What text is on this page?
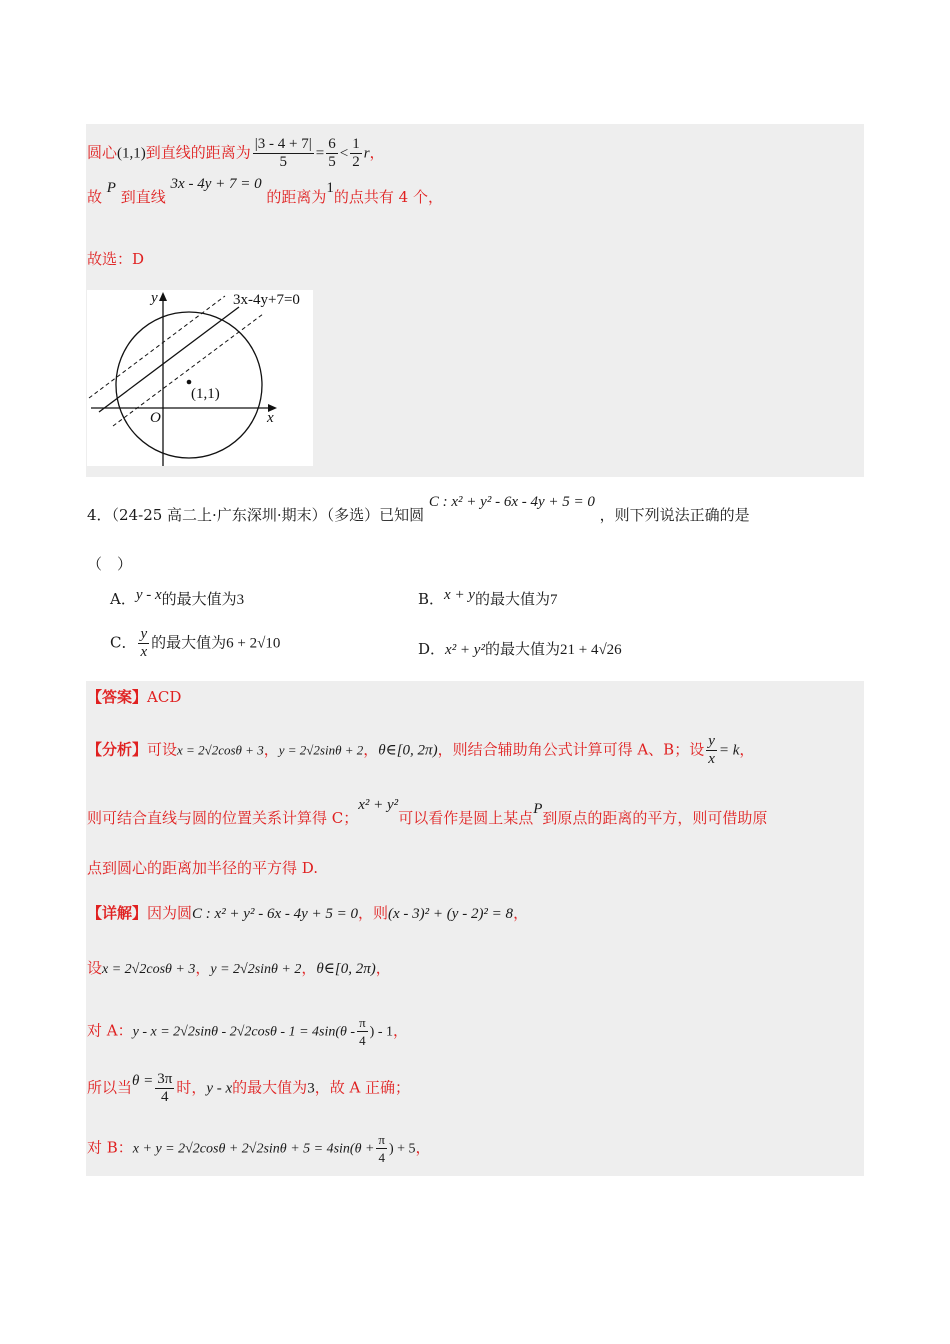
圆心(1,1)到直线的距离为 $\frac{|3 - 4 + 7|}{5} = \frac{6}{5} < \frac{1}{2}$ r，
故 P 到直线 3x - 4y + 7 = 0 的距离为1的点共有 4 个，
故选：D
y
x
O
3x-4y+7=0
(1,1)
4．（24-25 高二上·广东深圳·期末）（多选）已知圆 C : x² + y² - 6x - 4y + 5 = 0 ，则下列说法正确的是
（　）
A．y - x的最大值为3	B．x + y的最大值为7
C． $\frac{y}{x}$ 的最大值为6 + 2√10	D．x² + y²的最大值为21 + 4√26
【答案】ACD
【分析】可设x = 2√2cosθ + 3，y = 2√2sinθ + 2，θ∈[0, 2π)，则结合辅助角公式计算可得 A、B；设 $\frac{y}{x} = k$，
则可结合直线与圆的位置关系计算得 C；x² + y²可以看作是圆上某点P到原点的距离的平方，则可借助原
点到圆心的距离加半径的平方得 D.
【详解】因为圆C : x² + y² - 6x - 4y + 5 = 0，则(x - 3)² + (y - 2)² = 8，
设x = 2√2cosθ + 3，y = 2√2sinθ + 2，θ∈[0, 2π)，
对 A：$y - x = 2√2\sin\theta - 2√2\cos\theta - 1 = 4\sin(\theta - \frac{\pi}{4}$ ) - 1，
所以当$\theta = \frac{3\pi}{4}$ 时，y - x的最大值为3，故 A 正确；
对 B：$x + y = 2√2\cos\theta + 2√2\sin\theta + 5 = 4\sin(\theta + \frac{\pi}{4}$ ) + 5，
